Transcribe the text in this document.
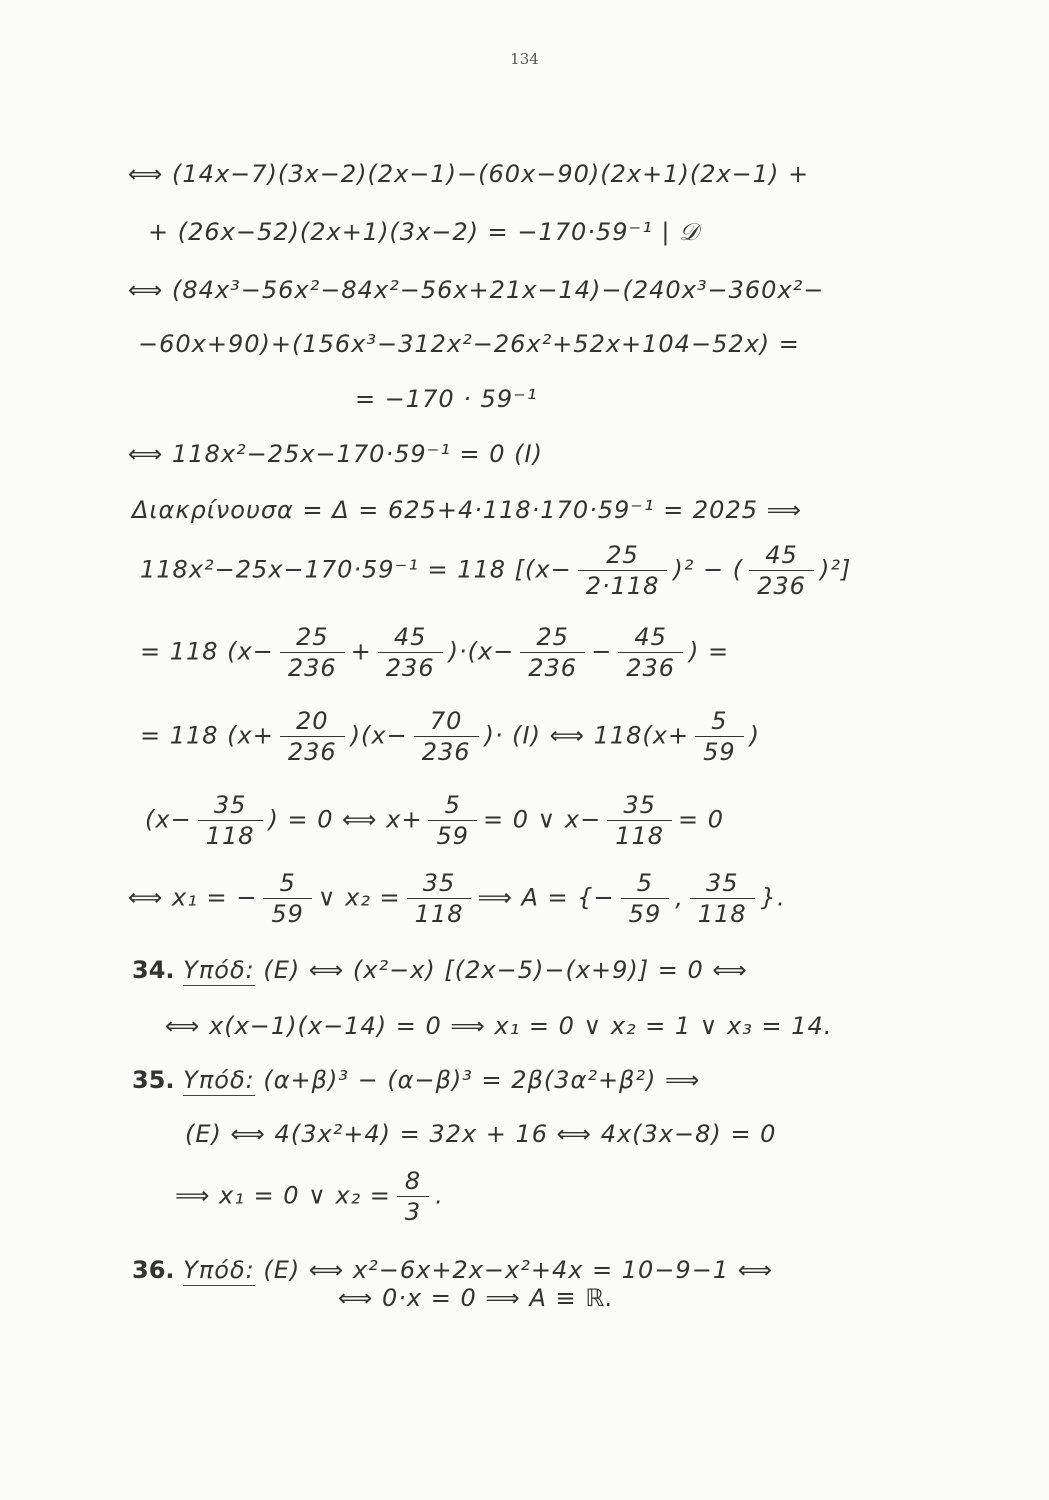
134
⟺ (14x−7)(3x−2)(2x−1)−(60x−90)(2x+1)(2x−1) +
+ (26x−52)(2x+1)(3x−2) = −170·59⁻¹ | 𝒟
⟺ (84x³−56x²−84x²−56x+21x−14)−(240x³−360x²−
−60x+90)+(156x³−312x²−26x²+52x+104−52x) =
= −170 · 59⁻¹
⟺ 118x²−25x−170·59⁻¹ = 0 (I)
Διακρίνουσα = Δ = 625+4·118·170·59⁻¹ = 2025 ⟹
118x²−25x−170·59⁻¹ = 118 [$(x- \frac{25}{2\cdot 118} )^2$ − ( $\frac{45}{236} )^2$]
= 118 $(x- \frac{25}{236} + \frac{45}{236} )\cdot(x- \frac{25}{236} - \frac{45}{236}$ ) =
= 118 $(x+ \frac{20}{236} )(x- \frac{70}{236}$ )· (I) ⟺ $118(x+ \frac{5}{59}$ )
($x- \frac{35}{118}$ ) = 0 ⟺ $x+ \frac{5}{59} = 0$ ∨ $x- \frac{35}{118} = 0$
⟺ x₁ = − $\frac{5}{59}$ ∨ $x_2 = \frac{35}{118}$ ⟹ A = {− $\frac{5}{59}$ , $\frac{35}{118}$ }.
34. Υπόδ: (E) ⟺ (x²−x) [(2x−5)−(x+9)] = 0 ⟺
⟺ x(x−1)(x−14) = 0 ⟹ x₁ = 0 ∨ x₂ = 1 ∨ x₃ = 14.
35. Υπόδ: (α+β)³ − (α−β)³ = 2β(3α²+β²) ⟹
(E) ⟺ 4(3x²+4) = 32x + 16 ⟺ 4x(3x−8) = 0
⟹ x₁ = 0 ∨ $x_2 = \frac{8}{3}$ .
36. Υπόδ: (E) ⟺ x²−6x+2x−x²+4x = 10−9−1 ⟺
⟺ 0·x = 0 ⟹ A ≡ ℝ.
